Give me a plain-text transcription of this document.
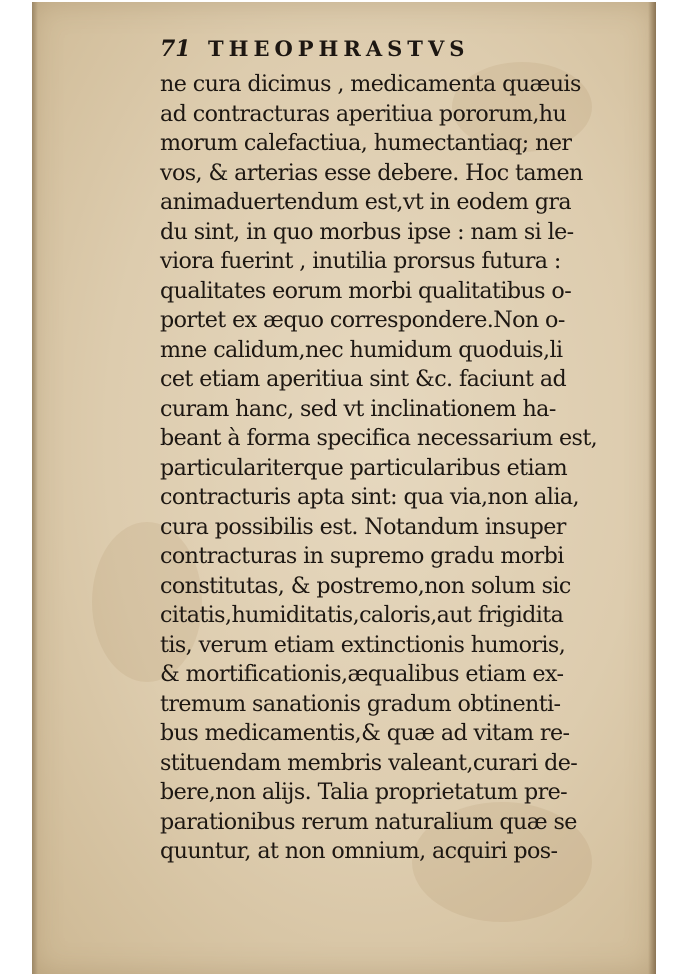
71 THEOPHRASTVS
ne cura dicimus , medicamenta quæuis
ad contracturas aperitiua pororum,hu
morum calefactiua, humectantiaq; ner
vos, & arterias esse debere. Hoc tamen
animaduertendum est,vt in eodem gra
du sint, in quo morbus ipse : nam si le-
viora fuerint , inutilia prorsus futura :
qualitates eorum morbi qualitatibus o-
portet ex æquo correspondere.Non o-
mne calidum,nec humidum quoduis,li
cet etiam aperitiua sint &c. faciunt ad
curam hanc, sed vt inclinationem ha-
beant à forma specifica necessarium est,
particulariterque particularibus etiam
contracturis apta sint: qua via,non alia,
cura possibilis est. Notandum insuper
contracturas in supremo gradu morbi
constitutas, & postremo,non solum sic
citatis,humiditatis,caloris,aut frigidita
tis, verum etiam extinctionis humoris,
& mortificationis,æqualibus etiam ex-
tremum sanationis gradum obtinenti-
bus medicamentis,& quæ ad vitam re-
stituendam membris valeant,curari de-
bere,non alijs. Talia proprietatum pre-
parationibus rerum naturalium quæ se
quuntur, at non omnium, acquiri pos-
